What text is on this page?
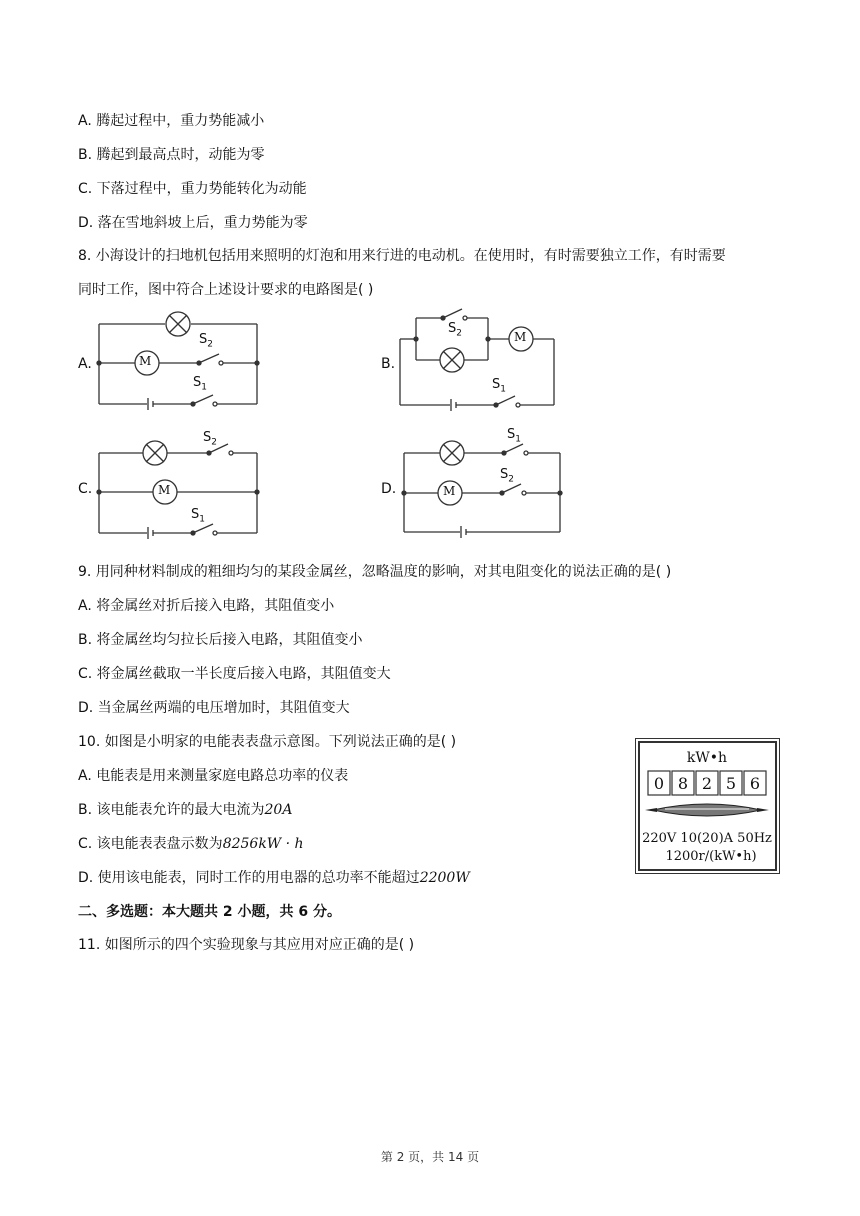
A. 腾起过程中，重力势能减小
B. 腾起到最高点时，动能为零
C. 下落过程中，重力势能转化为动能
D. 落在雪地斜坡上后，重力势能为零
8. 小海设计的扫地机包括用来照明的灯泡和用来行进的电动机。在使用时，有时需要独立工作，有时需要
同时工作，图中符合上述设计要求的电路图是( )
A.	M
$S_2$
$S_1$
B.
M
$S_2$
$S_1$
C.	M
$S_2$
$S_1$
D.	M
$S_1$
$S_2$
9. 用同种材料制成的粗细均匀的某段金属丝，忽略温度的影响，对其电阻变化的说法正确的是( )
A. 将金属丝对折后接入电路，其阻值变小
B. 将金属丝均匀拉长后接入电路，其阻值变小
C. 将金属丝截取一半长度后接入电路，其阻值变大
D. 当金属丝两端的电压增加时，其阻值变大
10. 如图是小明家的电能表表盘示意图。下列说法正确的是( )
A. 电能表是用来测量家庭电路总功率的仪表
B. 该电能表允许的最大电流为20A
C. 该电能表表盘示数为8256kW · h
D. 使用该电能表，同时工作的用电器的总功率不能超过2200W
kW•h
0 8 2 5 6
220V 10(20)A 50Hz
1200r/(kW•h)
二、多选题：本大题共 2 小题，共 6 分。
11. 如图所示的四个实验现象与其应用对应正确的是( )
第 2 页，共 14 页
